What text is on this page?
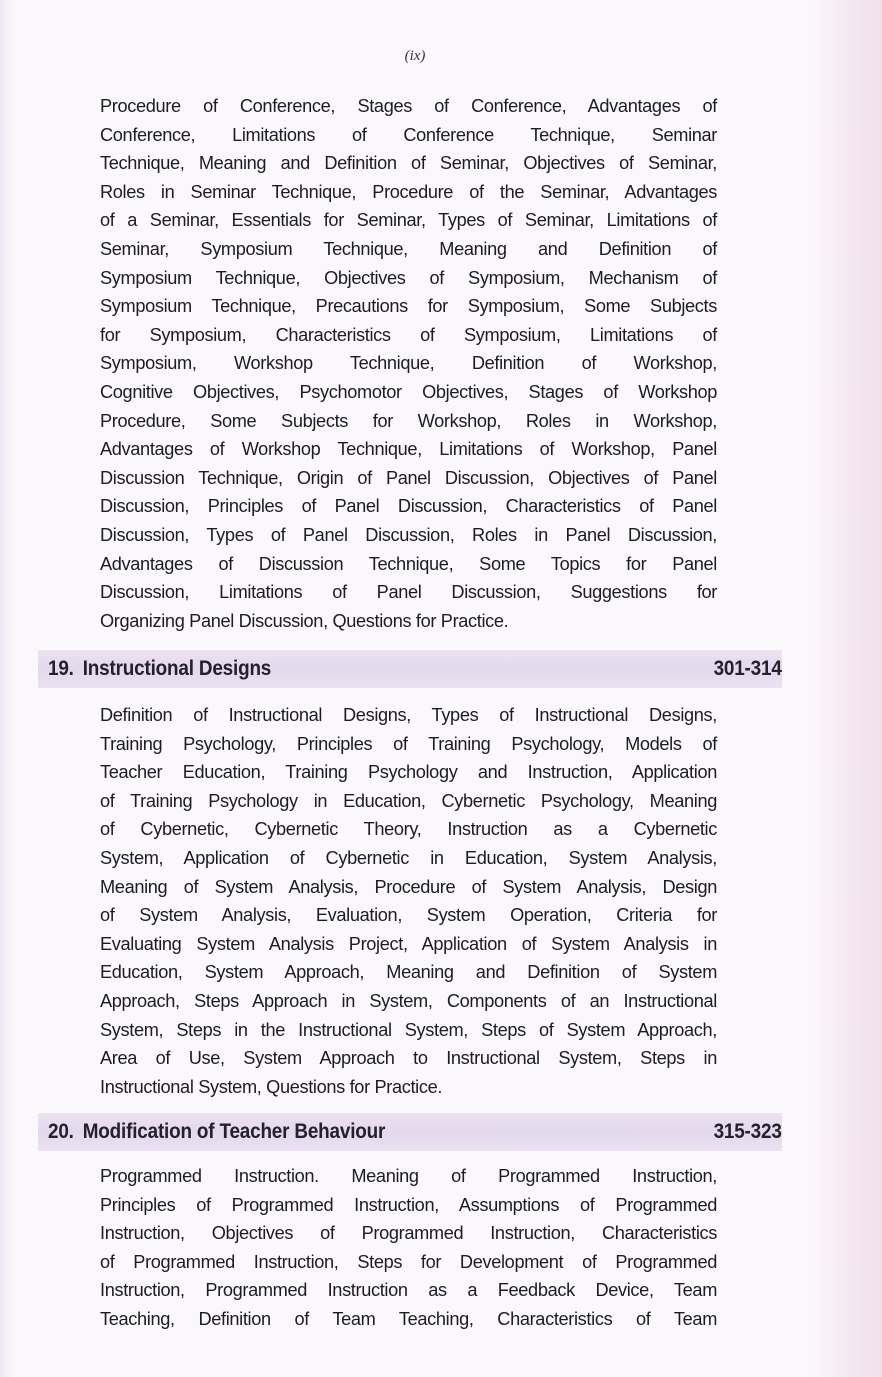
(ix)
Procedure of Conference, Stages of Conference, Advantages of
Conference, Limitations of Conference Technique, Seminar
Technique, Meaning and Definition of Seminar, Objectives of Seminar,
Roles in Seminar Technique, Procedure of the Seminar, Advantages
of a Seminar, Essentials for Seminar, Types of Seminar, Limitations of
Seminar, Symposium Technique, Meaning and Definition of
Symposium Technique, Objectives of Symposium, Mechanism of
Symposium Technique, Precautions for Symposium, Some Subjects
for Symposium, Characteristics of Symposium, Limitations of
Symposium, Workshop Technique, Definition of Workshop,
Cognitive Objectives, Psychomotor Objectives, Stages of Workshop
Procedure, Some Subjects for Workshop, Roles in Workshop,
Advantages of Workshop Technique, Limitations of Workshop, Panel
Discussion Technique, Origin of Panel Discussion, Objectives of Panel
Discussion, Principles of Panel Discussion, Characteristics of Panel
Discussion, Types of Panel Discussion, Roles in Panel Discussion,
Advantages of Discussion Technique, Some Topics for Panel
Discussion, Limitations of Panel Discussion, Suggestions for
Organizing Panel Discussion, Questions for Practice.
19. Instructional Designs	301-314
Definition of Instructional Designs, Types of Instructional Designs,
Training Psychology, Principles of Training Psychology, Models of
Teacher Education, Training Psychology and Instruction, Application
of Training Psychology in Education, Cybernetic Psychology, Meaning
of Cybernetic, Cybernetic Theory, Instruction as a Cybernetic
System, Application of Cybernetic in Education, System Analysis,
Meaning of System Analysis, Procedure of System Analysis, Design
of System Analysis, Evaluation, System Operation, Criteria for
Evaluating System Analysis Project, Application of System Analysis in
Education, System Approach, Meaning and Definition of System
Approach, Steps Approach in System, Components of an Instructional
System, Steps in the Instructional System, Steps of System Approach,
Area of Use, System Approach to Instructional System, Steps in
Instructional System, Questions for Practice.
20. Modification of Teacher Behaviour	315-323
Programmed Instruction. Meaning of Programmed Instruction,
Principles of Programmed Instruction, Assumptions of Programmed
Instruction, Objectives of Programmed Instruction, Characteristics
of Programmed Instruction, Steps for Development of Programmed
Instruction, Programmed Instruction as a Feedback Device, Team
Teaching, Definition of Team Teaching, Characteristics of Team
